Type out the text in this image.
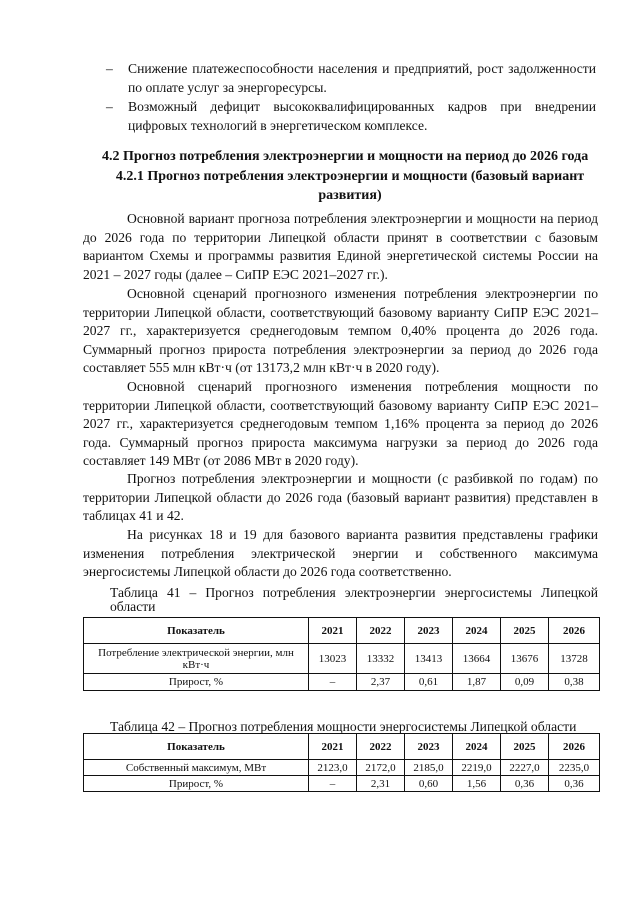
– Снижение платежеспособности населения и предприятий, рост задолженности по оплате услуг за энергоресурсы.
– Возможный дефицит высококвалифицированных кадров при внедрении цифровых технологий в энергетическом комплексе.
4.2 Прогноз потребления электроэнергии и мощности на период до 2026 года
4.2.1 Прогноз потребления электроэнергии и мощности (базовый вариант развития)

Основной вариант прогноза потребления электроэнергии и мощности на период до 2026 года по территории Липецкой области принят в соответствии с базовым вариантом Схемы и программы развития Единой энергетической системы России на 2021 – 2027 годы (далее – СиПР ЕЭС 2021–2027 гг.).

Основной сценарий прогнозного изменения потребления электроэнергии по территории Липецкой области, соответствующий базовому варианту СиПР ЕЭС 2021–2027 гг., характеризуется среднегодовым темпом 0,40% процента до 2026 года. Суммарный прогноз прироста потребления электроэнергии за период до 2026 года составляет 555 млн кВт·ч (от 13173,2 млн кВт·ч в 2020 году).

Основной сценарий прогнозного изменения потребления мощности по территории Липецкой области, соответствующий базовому варианту СиПР ЕЭС 2021–2027 гг., характеризуется среднегодовым темпом 1,16% процента за период до 2026 года. Суммарный прогноз прироста максимума нагрузки за период до 2026 года составляет 149 МВт (от 2086 МВт в 2020 году).

Прогноз потребления электроэнергии и мощности (с разбивкой по годам) по территории Липецкой области до 2026 года (базовый вариант развития) представлен в таблицах 41 и 42.

На рисунках 18 и 19 для базового варианта развития представлены графики изменения потребления электрической энергии и собственного максимума энергосистемы Липецкой области до 2026 года соответственно.

Таблица 41 – Прогноз потребления электроэнергии энергосистемы Липецкой области
Показатель	2021	2022	2023	2024	2025	2026
Потребление электрической энергии, млн кВт·ч	13023	13332	13413	13664	13676	13728
Прирост, %	–	2,37	0,61	1,87	0,09	0,38
Таблица 42 – Прогноз потребления мощности энергосистемы Липецкой области
Показатель	2021	2022	2023	2024	2025	2026
Собственный максимум, МВт	2123,0	2172,0	2185,0	2219,0	2227,0	2235,0
Прирост, %	–	2,31	0,60	1,56	0,36	0,36
